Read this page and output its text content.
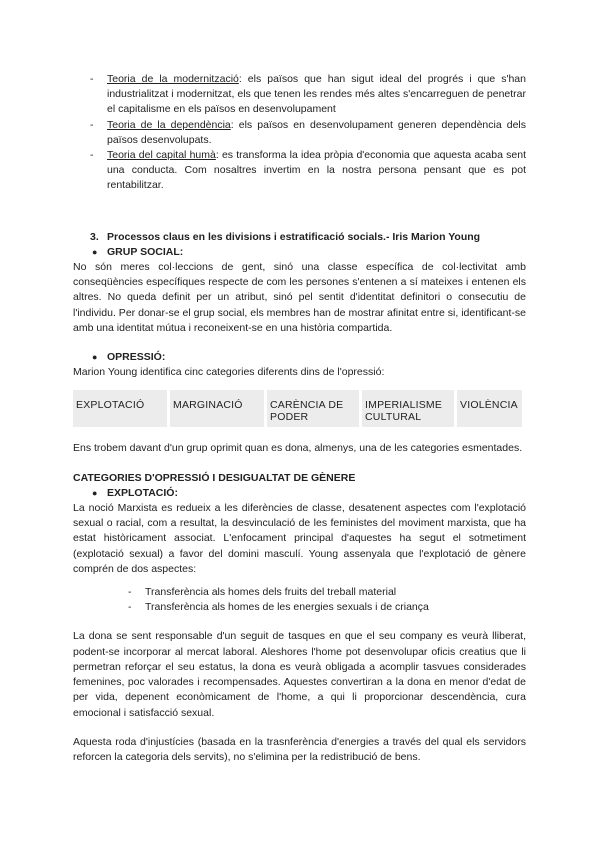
- Teoria de la modernització: els països que han sigut ideal del progrés i que s'han industrialitzat i modernitzat, els que tenen les rendes més altes s'encarreguen de penetrar el capitalisme en els països en desenvolupament
- Teoria de la dependència: els països en desenvolupament generen dependència dels països desenvolupats.
- Teoria del capital humà: es transforma la idea pròpia d'economia que aquesta acaba sent una conducta. Com nosaltres invertim en la nostra persona pensant que es pot rentabilitzar.
3. Processos claus en les divisions i estratificació socials.- Iris Marion Young
● GRUP SOCIAL:

No són meres col·leccions de gent, sinó una classe específica de col·lectivitat amb conseqüències específiques respecte de com les persones s'entenen a sí mateixes i entenen els altres. No queda definit per un atribut, sinó pel sentit d'identitat definitori o consecutiu de l'individu. Per donar-se el grup social, els membres han de mostrar afinitat entre si, identificant-se amb una identitat mútua i reconeixent-se en una història compartida.

● OPRESSIÓ:

Marion Young identifica cinc categories diferents dins de l'opressió:

EXPLOTACIÓ	MARGINACIÓ	CARÈNCIA DE PODER	IMPERIALISME CULTURAL	VIOLÈNCIA

Ens trobem davant d'un grup oprimit quan es dona, almenys, una de les categories esmentades.

CATEGORIES D'OPRESSIÓ I DESIGUALTAT DE GÈNERE
● EXPLOTACIÓ:

La noció Marxista es redueix a les diferències de classe, desatenent aspectes com l'explotació sexual o racial, com a resultat, la desvinculació de les feministes del moviment marxista, que ha estat històricament associat. L'enfocament principal d'aquestes ha segut el sotmetiment (explotació sexual) a favor del domini masculí. Young assenyala que l'explotació de gènere comprén de dos aspectes:

- Transferència als homes dels fruits del treball material
- Transferència als homes de les energies sexuals i de criança

La dona se sent responsable d'un seguit de tasques en que el seu company es veurà lliberat, podent-se incorporar al mercat laboral. Aleshores l'home pot desenvolupar oficis creatius que li permetran reforçar el seu estatus, la dona es veurà obligada a acomplir tasvues considerades femenines, poc valorades i recompensades. Aquestes convertiran a la dona en menor d'edat de per vida, depenent econòmicament de l'home, a qui li proporcionar descendència, cura emocional i satisfacció sexual.

Aquesta roda d'injustícies (basada en la trasnferència d'energies a través del qual els servidors reforcen la categoria dels servits), no s'elimina per la redistribució de bens.
